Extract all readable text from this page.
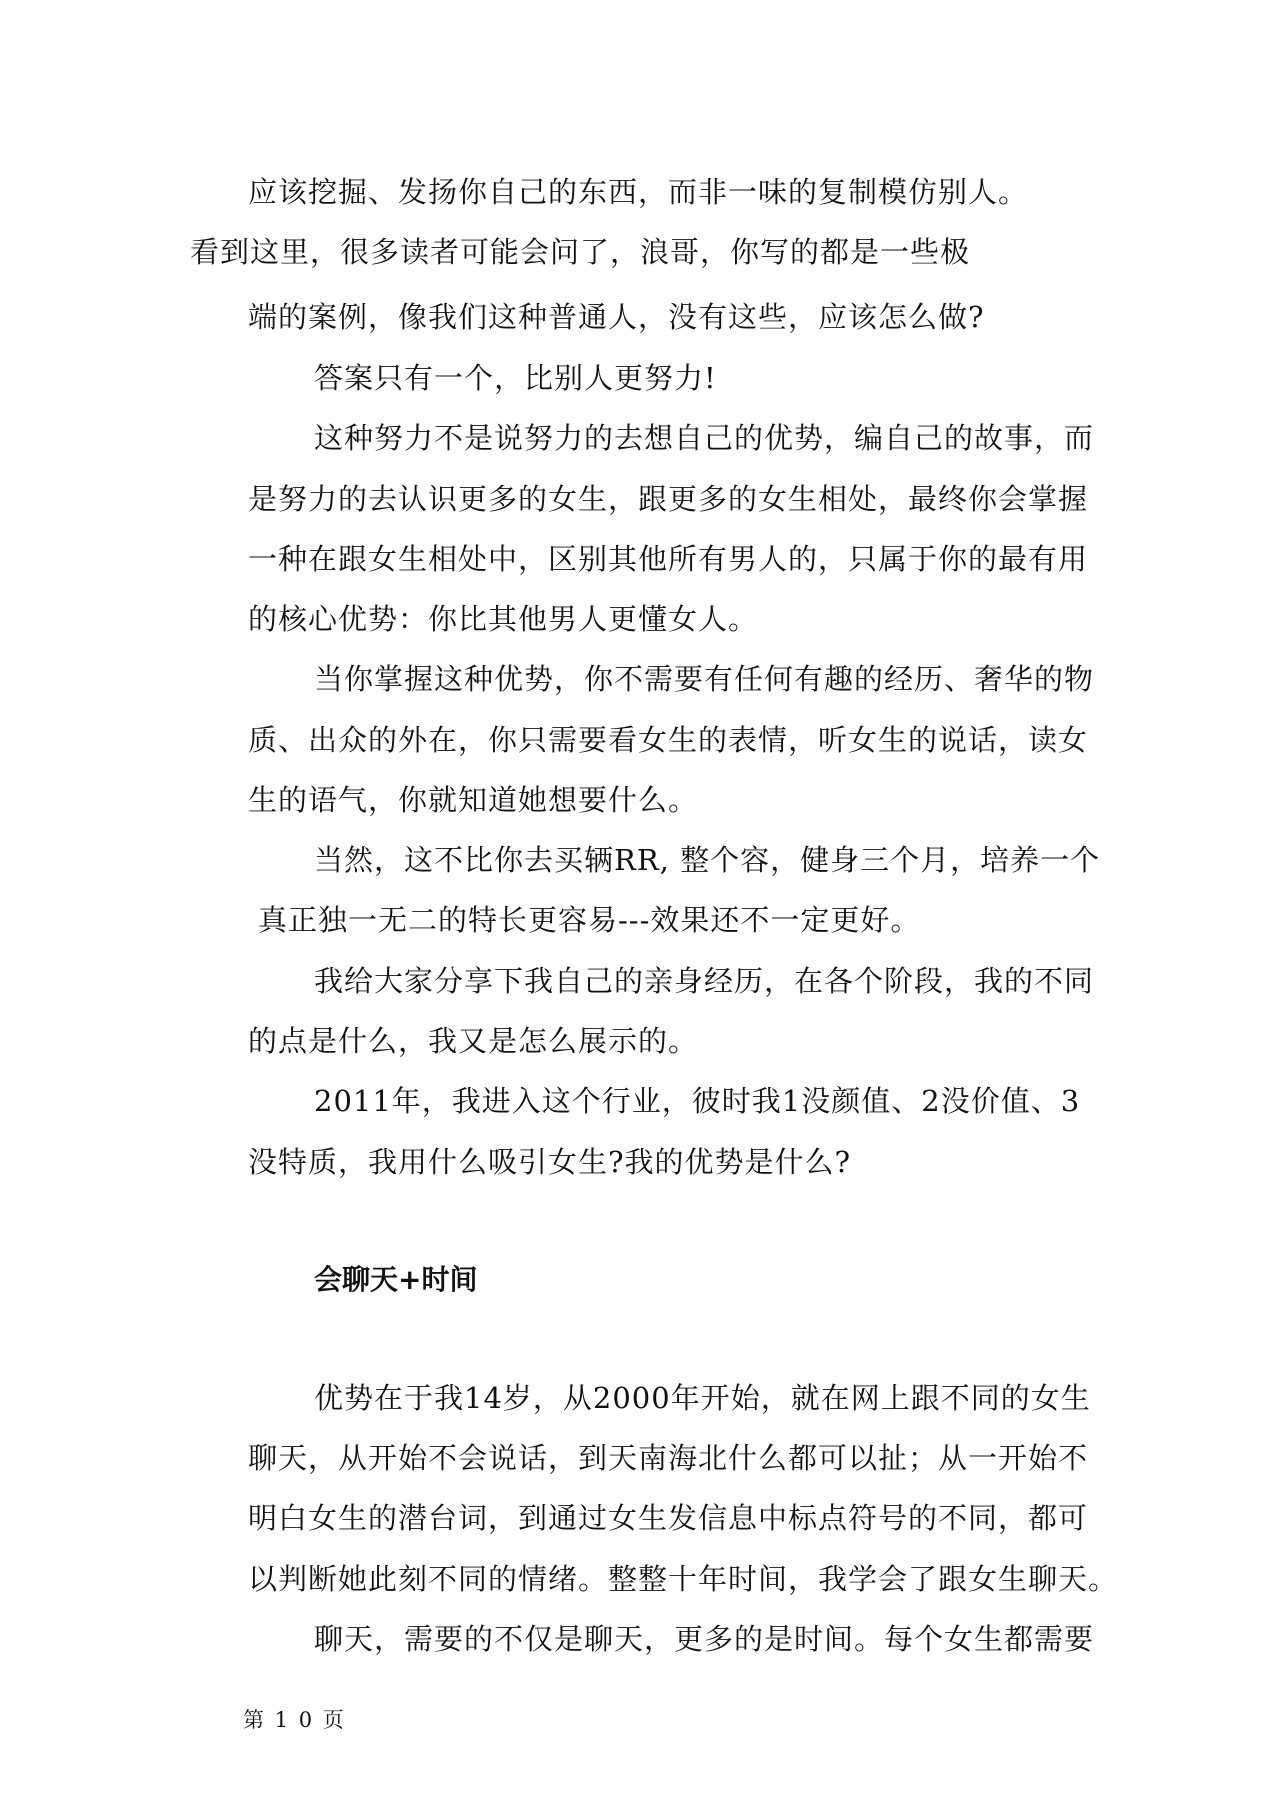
应该挖掘、发扬你自己的东西，而非一味的复制模仿别人。
看到这里，很多读者可能会问了，浪哥，你写的都是一些极
端的案例，像我们这种普通人，没有这些，应该怎么做?
答案只有一个，比别人更努力!
这种努力不是说努力的去想自己的优势，编自己的故事，而
是努力的去认识更多的女生，跟更多的女生相处，最终你会掌握
一种在跟女生相处中，区别其他所有男人的，只属于你的最有用
的核心优势：你比其他男人更懂女人。
当你掌握这种优势，你不需要有任何有趣的经历、奢华的物
质、出众的外在，你只需要看女生的表情，听女生的说话，读女
生的语气，你就知道她想要什么。
当然，这不比你去买辆RR, 整个容，健身三个月，培养一个
真正独一无二的特长更容易---效果还不一定更好。
我给大家分享下我自己的亲身经历，在各个阶段，我的不同
的点是什么，我又是怎么展示的。
2011年，我进入这个行业，彼时我1没颜值、2没价值、3
没特质，我用什么吸引女生?我的优势是什么?
会聊天+时间
优势在于我14岁，从2000年开始，就在网上跟不同的女生
聊天，从开始不会说话，到天南海北什么都可以扯；从一开始不
明白女生的潜台词，到通过女生发信息中标点符号的不同，都可
以判断她此刻不同的情绪。整整十年时间，我学会了跟女生聊天。
聊天，需要的不仅是聊天，更多的是时间。每个女生都需要
第 1 0 页
